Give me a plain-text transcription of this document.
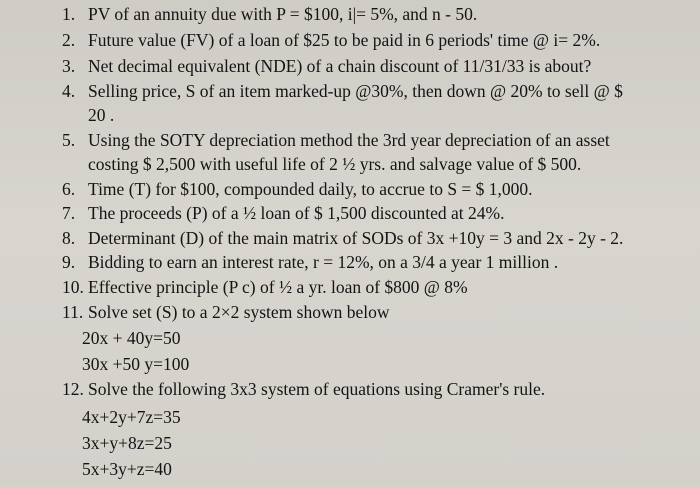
1. PV of an annuity due with P = $100, i|= 5%, and n - 50.
2. Future value (FV) of a loan of $25 to be paid in 6 periods' time @ i= 2%.
3. Net decimal equivalent (NDE) of a chain discount of 11/31/33 is about?
4. Selling price, S of an item marked-up @30%, then down @ 20% to sell @ $
20 .
5. Using the SOTY depreciation method the 3rd year depreciation of an asset
costing $ 2,500 with useful life of 2 ½ yrs. and salvage value of $ 500.
6. Time (T) for $100, compounded daily, to accrue to S = $ 1,000.
7. The proceeds (P) of a ½ loan of $ 1,500 discounted at 24%.
8. Determinant (D) of the main matrix of SODs of 3x +10y = 3 and 2x - 2y - 2.
9. Bidding to earn an interest rate, r = 12%, on a 3/4 a year 1 million .
10. Effective principle (P c) of ½ a yr. loan of $800 @ 8%
11. Solve set (S) to a 2×2 system shown below
20x + 40y=50
30x +50 y=100
12. Solve the following 3x3 system of equations using Cramer's rule.
4x+2y+7z=35
3x+y+8z=25
5x+3y+z=40
